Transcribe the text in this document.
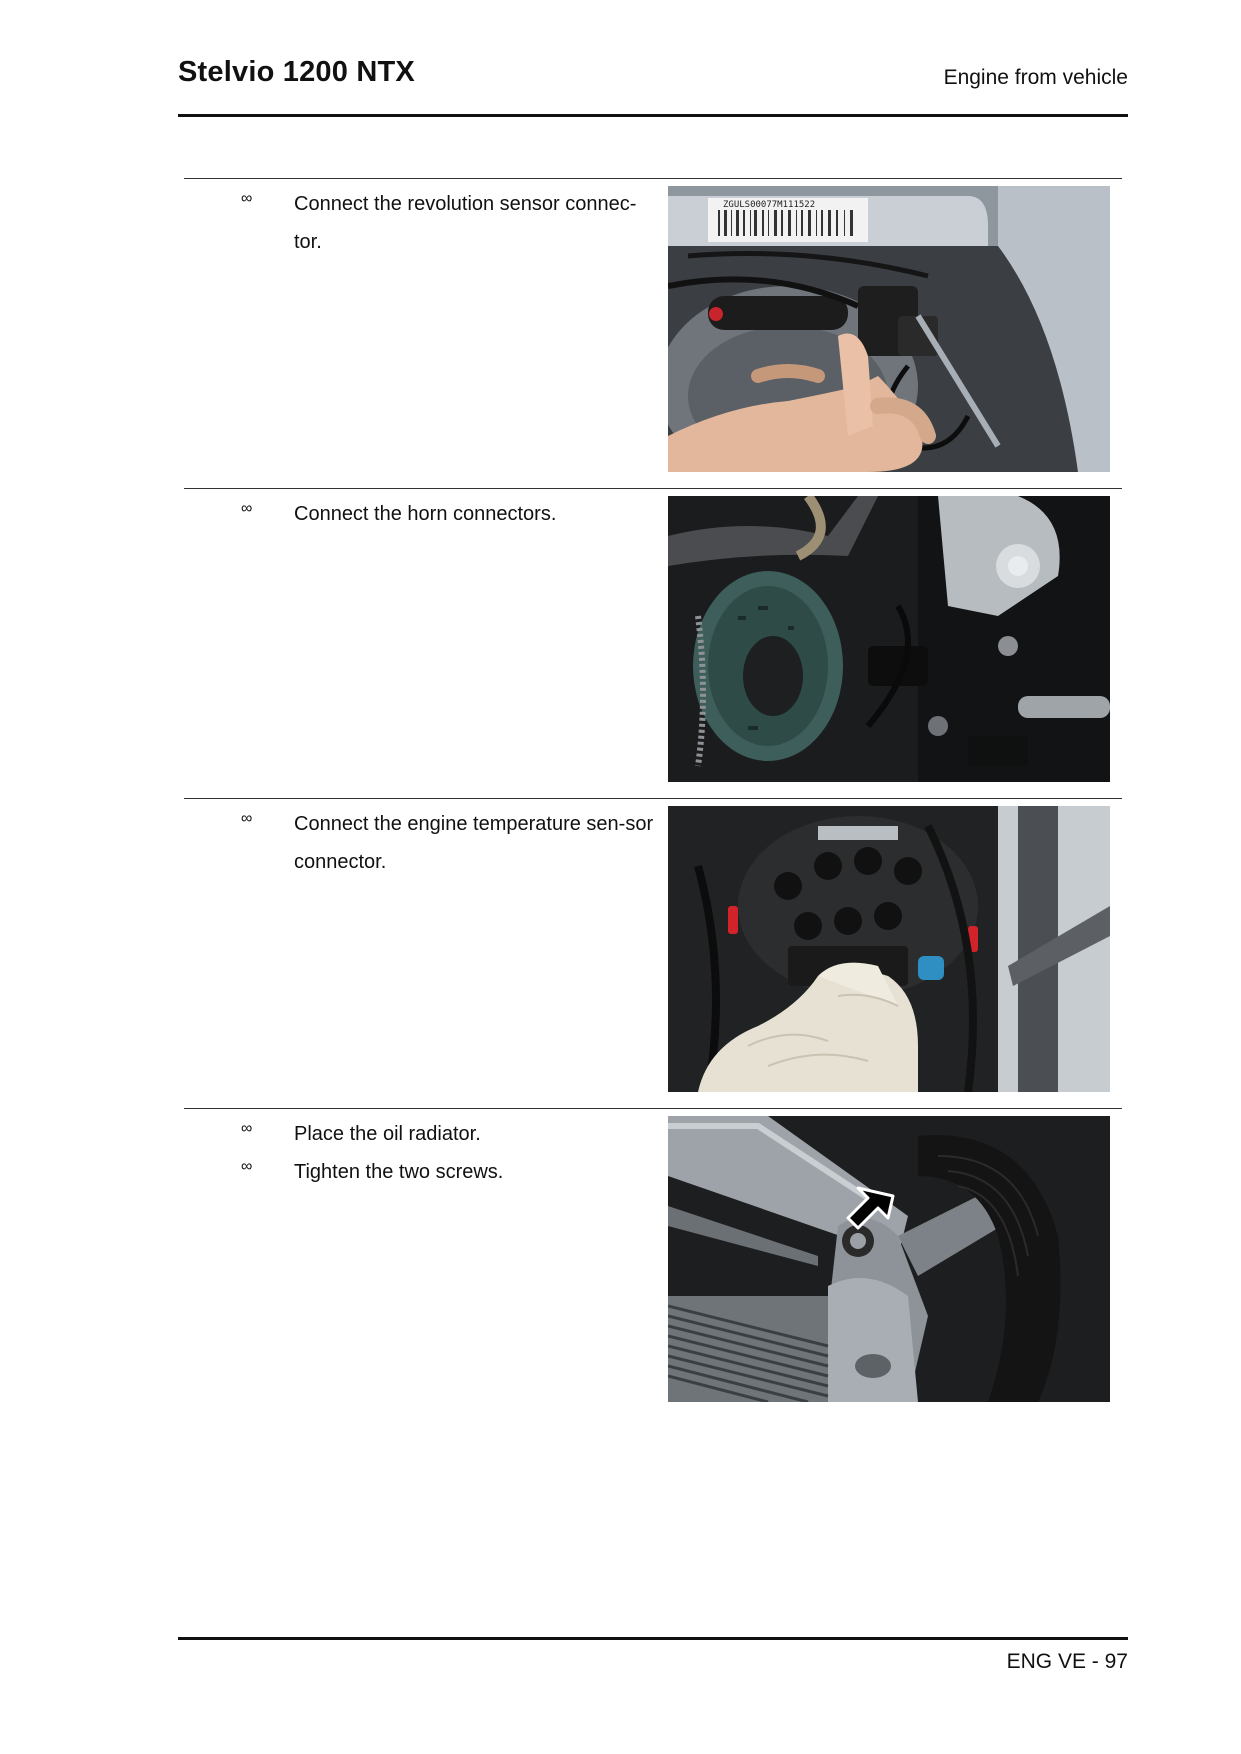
Stelvio 1200 NTX	Engine from vehicle
∞ Connect the revolution sensor connec-tor.
ZGULS00077M111522
∞ Connect the horn connectors.
∞ Connect the engine temperature sen-sor connector.
∞ Place the oil radiator.
∞ Tighten the two screws.
ENG VE - 97
